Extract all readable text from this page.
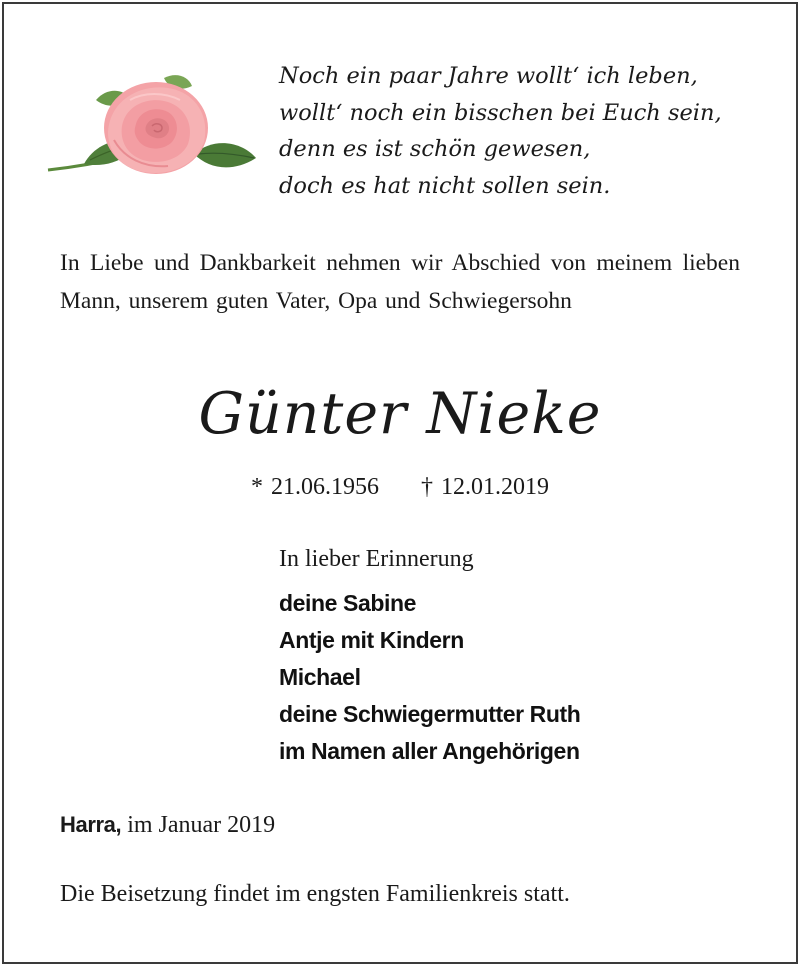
Noch ein paar Jahre wollt‘ ich leben,
wollt‘ noch ein bisschen bei Euch sein,
denn es ist schön gewesen,
doch es hat nicht sollen sein.
In Liebe und Dankbarkeit nehmen wir Abschied von meinem lieben Mann, unserem guten Vater, Opa und Schwiegersohn
Günter Nieke
* 21.06.1956 † 12.01.2019
In lieber Erinnerung
deine Sabine
Antje mit Kindern
Michael
deine Schwiegermutter Ruth
im Namen aller Angehörigen
Harra, im Januar 2019
Die Beisetzung findet im engsten Familienkreis statt.
